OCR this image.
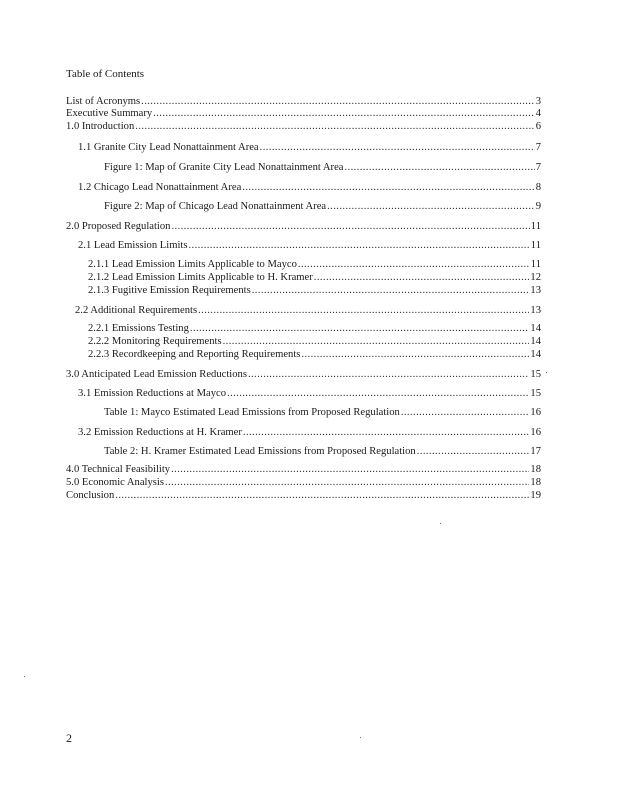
Table of Contents
List of Acronyms .....	3
Executive Summary .....	4
1.0 Introduction .....	6
1.1 Granite City Lead Nonattainment Area .....	7
Figure 1: Map of Granite City Lead Nonattainment Area .....	7
1.2 Chicago Lead Nonattainment Area .....	8
Figure 2: Map of Chicago Lead Nonattainment Area .....	9
2.0 Proposed Regulation .....	11
2.1 Lead Emission Limits .....	11
2.1.1 Lead Emission Limits Applicable to Mayco .....	11
2.1.2 Lead Emission Limits Applicable to H. Kramer .....	12
2.1.3 Fugitive Emission Requirements .....	13
2.2 Additional Requirements .....	13
2.2.1 Emissions Testing .....	14
2.2.2 Monitoring Requirements .....	14
2.2.3 Recordkeeping and Reporting Requirements .....	14
3.0 Anticipated Lead Emission Reductions .....	15
3.1 Emission Reductions at Mayco .....	15
Table 1: Mayco Estimated Lead Emissions from Proposed Regulation .....	16
3.2 Emission Reductions at H. Kramer .....	16
Table 2: H. Kramer Estimated Lead Emissions from Proposed Regulation .....	17
4.0 Technical Feasibility .....	18
5.0 Economic Analysis .....	18
Conclusion .....	19
2
